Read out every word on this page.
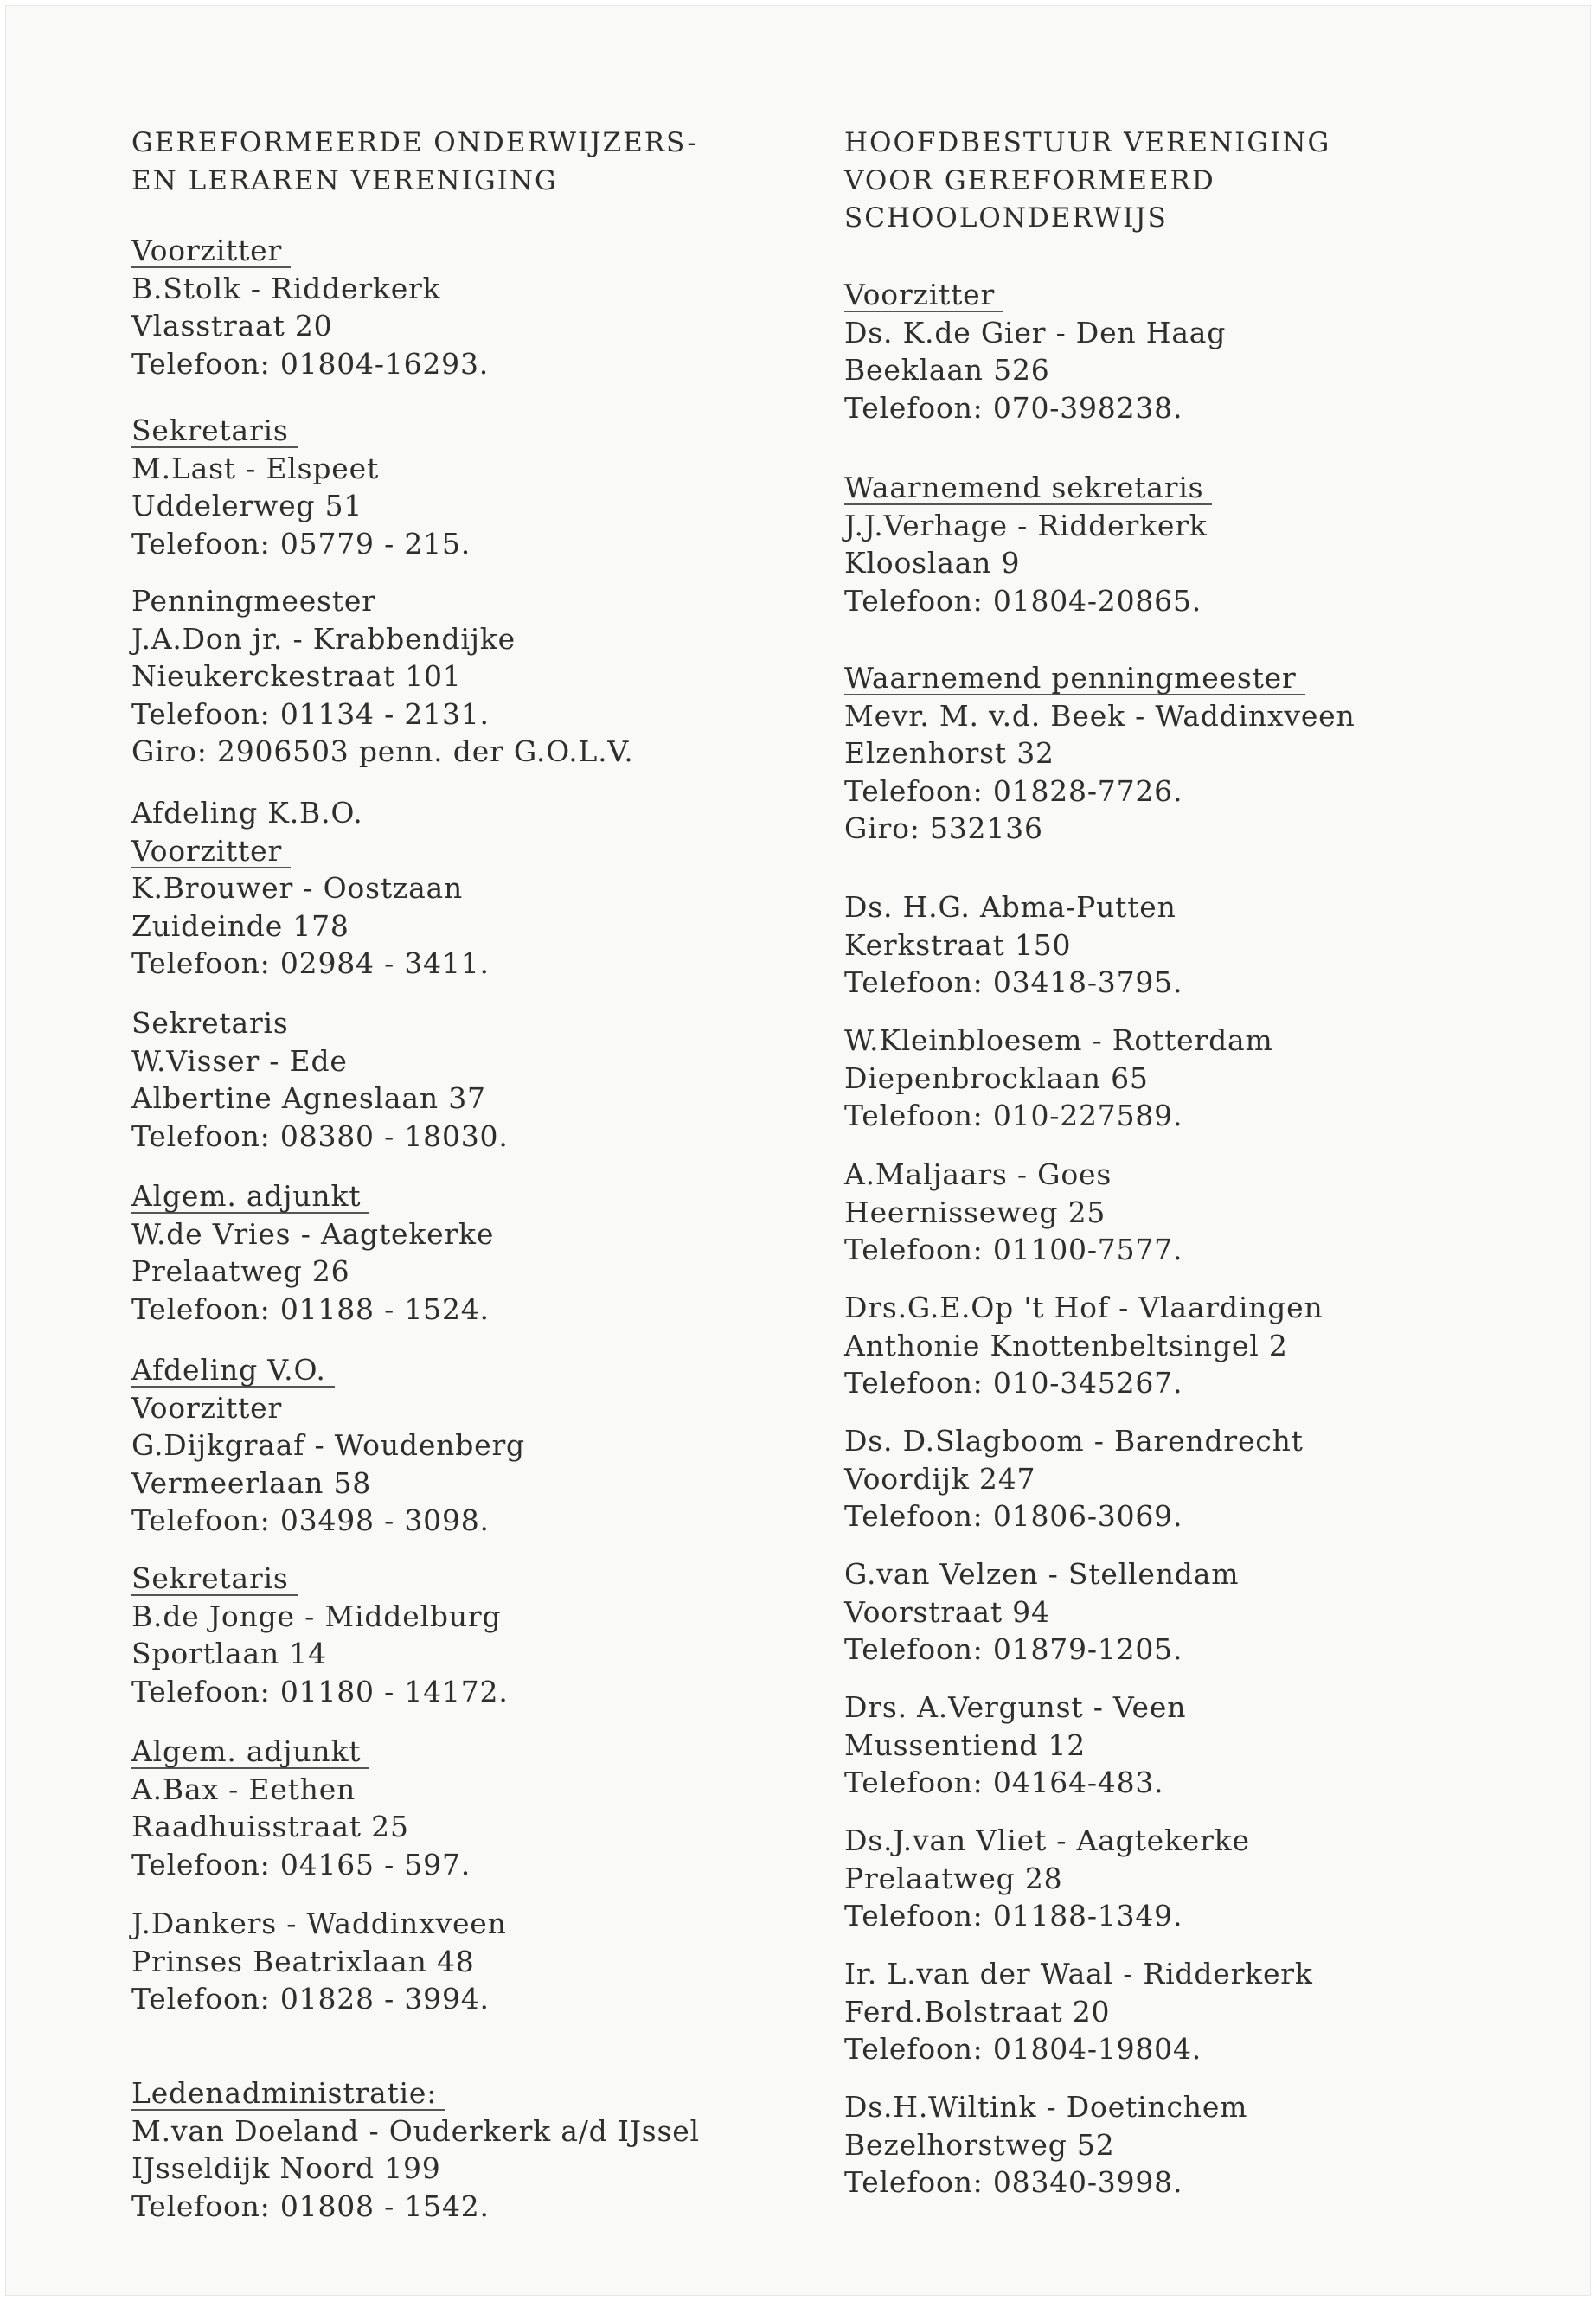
GEREFORMEERDE ONDERWIJZERS-
EN LERAREN VERENIGING
Voorzitter
B.Stolk - Ridderkerk
Vlasstraat 20
Telefoon: 01804-16293.
Sekretaris
M.Last - Elspeet
Uddelerweg 51
Telefoon: 05779 - 215.
Penningmeester
J.A.Don jr. - Krabbendijke
Nieukerckestraat 101
Telefoon: 01134 - 2131.
Giro: 2906503 penn. der G.O.L.V.
Afdeling K.B.O.
Voorzitter
K.Brouwer - Oostzaan
Zuideinde 178
Telefoon: 02984 - 3411.
Sekretaris
W.Visser - Ede
Albertine Agneslaan 37
Telefoon: 08380 - 18030.
Algem. adjunkt
W.de Vries - Aagtekerke
Prelaatweg 26
Telefoon: 01188 - 1524.
Afdeling V.O.
Voorzitter
G.Dijkgraaf - Woudenberg
Vermeerlaan 58
Telefoon: 03498 - 3098.
Sekretaris
B.de Jonge - Middelburg
Sportlaan 14
Telefoon: 01180 - 14172.
Algem. adjunkt
A.Bax - Eethen
Raadhuisstraat 25
Telefoon: 04165 - 597.
J.Dankers - Waddinxveen
Prinses Beatrixlaan 48
Telefoon: 01828 - 3994.
Ledenadministratie:
M.van Doeland - Ouderkerk a/d IJssel
IJsseldijk Noord 199
Telefoon: 01808 - 1542.
HOOFDBESTUUR VERENIGING
VOOR GEREFORMEERD
SCHOOLONDERWIJS
Voorzitter
Ds. K.de Gier - Den Haag
Beeklaan 526
Telefoon: 070-398238.
Waarnemend sekretaris
J.J.Verhage - Ridderkerk
Klooslaan 9
Telefoon: 01804-20865.
Waarnemend penningmeester
Mevr. M. v.d. Beek - Waddinxveen
Elzenhorst 32
Telefoon: 01828-7726.
Giro: 532136
Ds. H.G. Abma-Putten
Kerkstraat 150
Telefoon: 03418-3795.
W.Kleinbloesem - Rotterdam
Diepenbrocklaan 65
Telefoon: 010-227589.
A.Maljaars - Goes
Heernisseweg 25
Telefoon: 01100-7577.
Drs.G.E.Op 't Hof - Vlaardingen
Anthonie Knottenbeltsingel 2
Telefoon: 010-345267.
Ds. D.Slagboom - Barendrecht
Voordijk 247
Telefoon: 01806-3069.
G.van Velzen - Stellendam
Voorstraat 94
Telefoon: 01879-1205.
Drs. A.Vergunst - Veen
Mussentiend 12
Telefoon: 04164-483.
Ds.J.van Vliet - Aagtekerke
Prelaatweg 28
Telefoon: 01188-1349.
Ir. L.van der Waal - Ridderkerk
Ferd.Bolstraat 20
Telefoon: 01804-19804.
Ds.H.Wiltink - Doetinchem
Bezelhorstweg 52
Telefoon: 08340-3998.
